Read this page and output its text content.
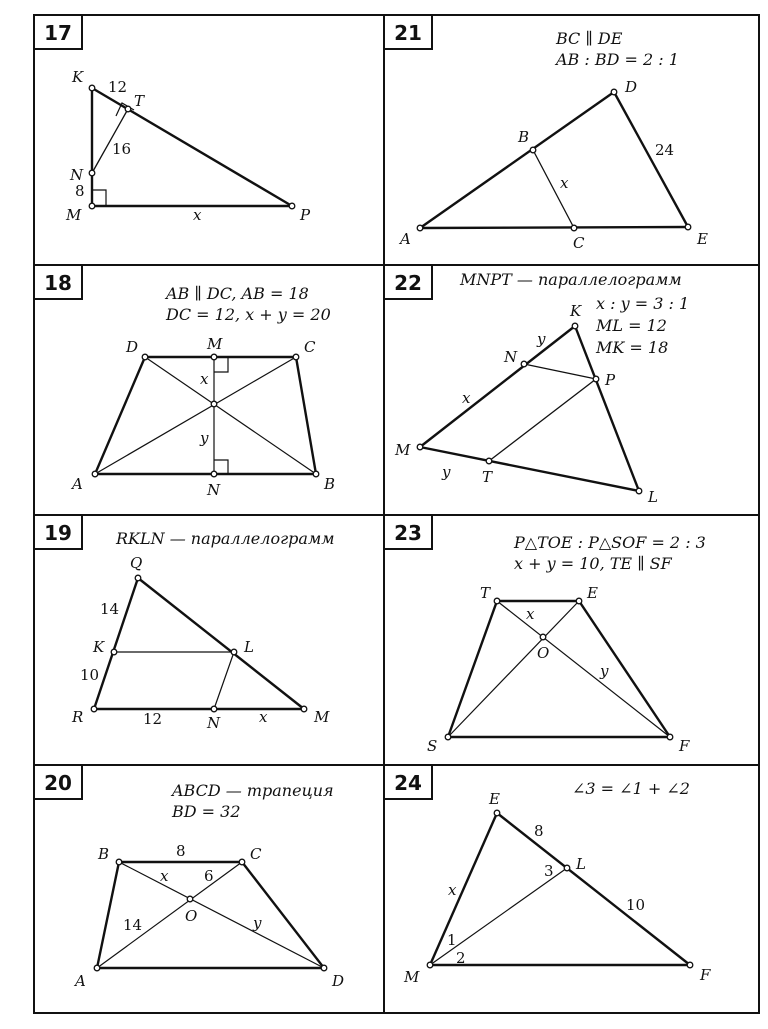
17
K
T
N
M	P
12
16
8
x
21	BC ∥ DE
AB : BD = 2 : 1
A
B
C
D
E
24
x
18	AB ∥ DC, AB = 18
DC = 12, x + y = 20
D	M	C
A	N	B
x
y
22 MNPT — параллелограмм
x : y = 3 : 1
ML = 12
MK = 18
M
N
K
P
T
L
x
y
y
19	RKLN — параллелограмм
Q
K	L
R	N	M
14
10
12	x
23	P△TOE : P△SOF = 2 : 3
x + y = 10, TE ∥ SF
T	E
O
S	F
x
y
20	ABCD — трапеция
BD = 32
B	C
O
A	D
8
x 6
14	y
24	∠3 = ∠1 + ∠2
E
L
M	F
8
10
x
1
2
3
